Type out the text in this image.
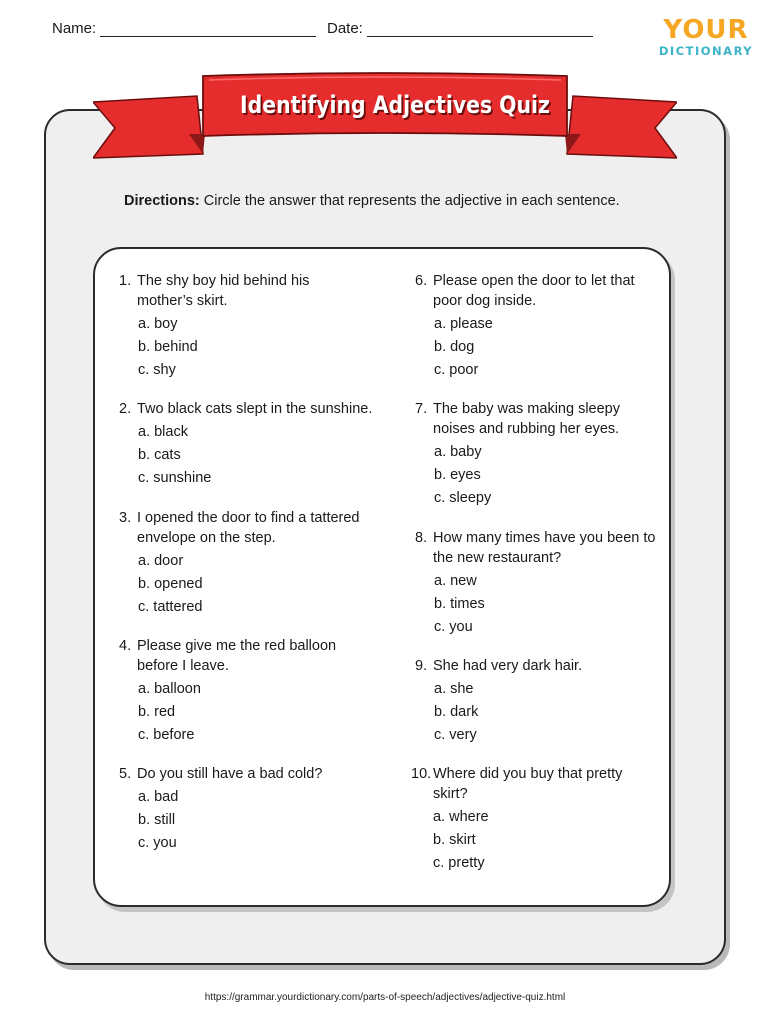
Name:	Date:	YOUR
DICTIONARY
Identifying Adjectives Quiz
Directions: Circle the answer that represents the adjective in each sentence.
1. The shy boy hid behind his mother’s skirt.
a. boy
b. behind
c. shy
2. Two black cats slept in the sunshine.
a. black
b. cats
c. sunshine
3. I opened the door to find a tattered envelope on the step.
a. door
b. opened
c. tattered
4. Please give me the red balloon before I leave.
a. balloon
b. red
c. before
5. Do you still have a bad cold?
a. bad
b. still
c. you
6. Please open the door to let that poor dog inside.
a. please
b. dog
c. poor
7. The baby was making sleepy noises and rubbing her eyes.
a. baby
b. eyes
c. sleepy
8. How many times have you been to the new restaurant?
a. new
b. times
c. you
9. She had very dark hair.
a. she
b. dark
c. very
10. Where did you buy that pretty skirt?
a. where
b. skirt
c. pretty
https://grammar.yourdictionary.com/parts-of-speech/adjectives/adjective-quiz.html
